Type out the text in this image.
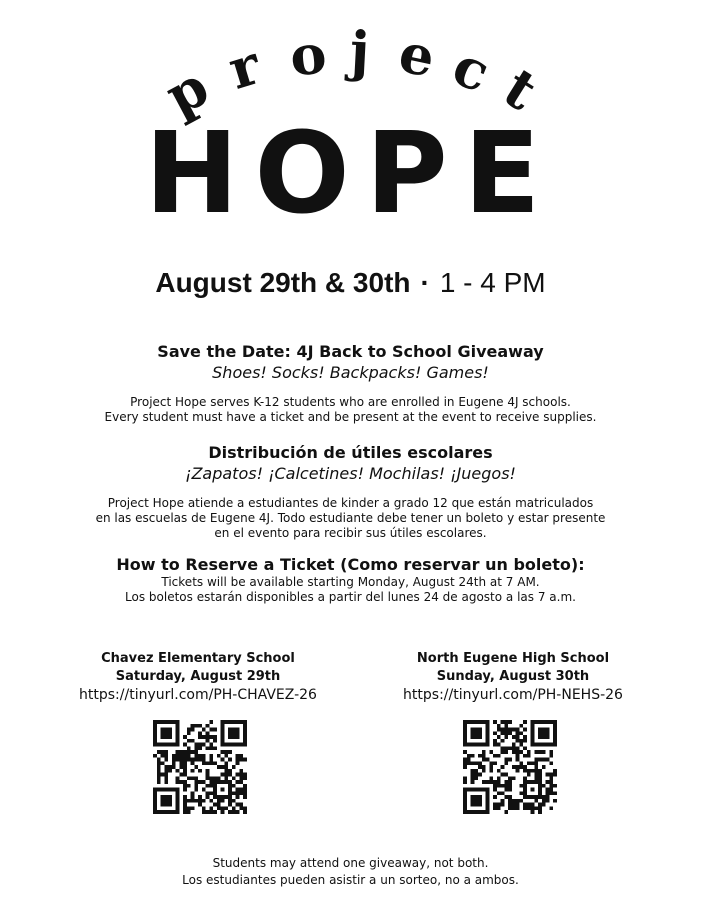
p r o j e c
t
HOPE
August 29th & 30th · 1 - 4 PM
Save the Date: 4J Back to School Giveaway
Shoes! Socks! Backpacks! Games!
Project Hope serves K-12 students who are enrolled in Eugene 4J schools.
Every student must have a ticket and be present at the event to receive supplies.
Distribución de útiles escolares
¡Zapatos! ¡Calcetines! Mochilas! ¡Juegos!
Project Hope atiende a estudiantes de kinder a grado 12 que están matriculados
en las escuelas de Eugene 4J. Todo estudiante debe tener un boleto y estar presente
en el evento para recibir sus útiles escolares.
How to Reserve a Ticket (Como reservar un boleto):
Tickets will be available starting Monday, August 24th at 7 AM.
Los boletos estarán disponibles a partir del lunes 24 de agosto a las 7 a.m.
Chavez Elementary School
Saturday, August 29th
https://tinyurl.com/PH-CHAVEZ-26
North Eugene High School
Sunday, August 30th
https://tinyurl.com/PH-NEHS-26
Students may attend one giveaway, not both.
Los estudiantes pueden asistir a un sorteo, no a ambos.
